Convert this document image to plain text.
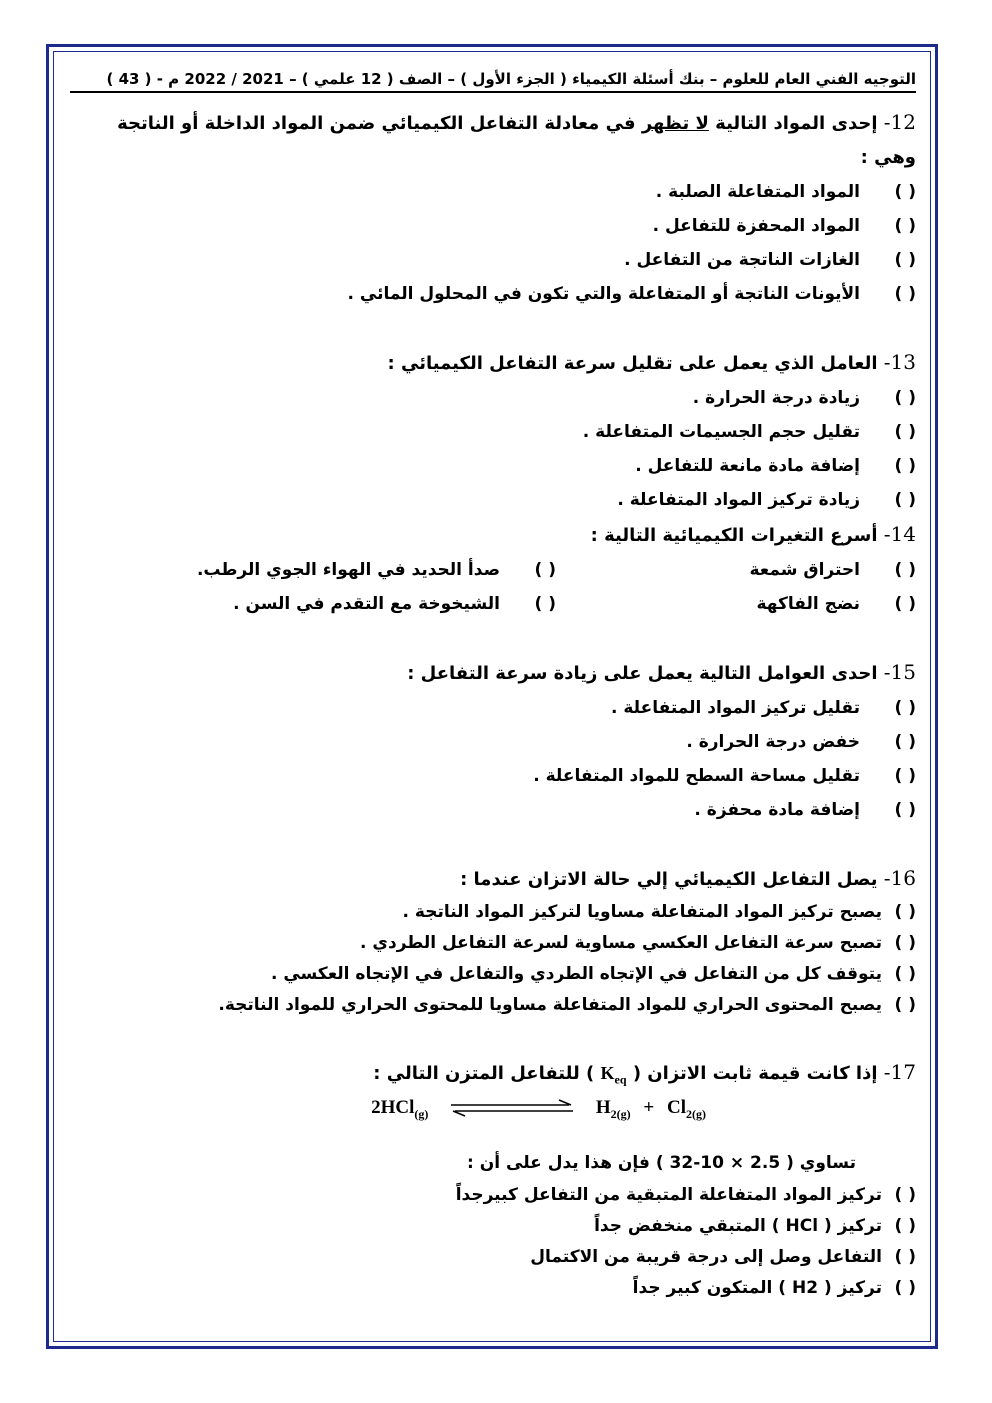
التوجيه الفني العام للعلوم – بنك أسئلة الكيمياء ( الجزء الأول ) – الصف ( 12 علمي ) – 2021 / 2022 م - ( 43 )
12- إحدى المواد التالية لا تظهر في معادلة التفاعل الكيميائي ضمن المواد الداخلة أو الناتجة وهي :
( )المواد المتفاعلة الصلبة .
( )المواد المحفزة للتفاعل .
( )الغازات الناتجة من التفاعل .
( )الأيونات الناتجة أو المتفاعلة والتي تكون في المحلول المائي .
13- العامل الذي يعمل على تقليل سرعة التفاعل الكيميائي :
( )زيادة درجة الحرارة .
( )تقليل حجم الجسيمات المتفاعلة .
( )إضافة مادة مانعة للتفاعل .
( )زيادة تركيز المواد المتفاعلة .
14- أسرع التغيرات الكيميائية التالية :
( )احتراق شمعة
( )صدأ الحديد في الهواء الجوي الرطب.
( )نضج الفاكهة
( )الشيخوخة مع التقدم في السن .
15- احدى العوامل التالية يعمل على زيادة سرعة التفاعل :
( )تقليل تركيز المواد المتفاعلة .
( )خفض درجة الحرارة .
( )تقليل مساحة السطح للمواد المتفاعلة .
( )إضافة مادة محفزة .
16- يصل التفاعل الكيميائي إلي حالة الاتزان عندما :
( )يصبح تركيز المواد المتفاعلة مساويا لتركيز المواد الناتجة .
( )تصبح سرعة التفاعل العكسي مساوية لسرعة التفاعل الطردي .
( )يتوقف كل من التفاعل في الإتجاه الطردي والتفاعل في الإتجاه العكسي .
( )يصبح المحتوى الحراري للمواد المتفاعلة مساويا للمحتوى الحراري للمواد الناتجة.
17- إذا كانت قيمة ثابت الاتزان ( $K_{eq}$ ) للتفاعل المتزن التالي :
2HCl$_{(g)}$	$H_{2(g)} + Cl_{2(g)}$
تساوي ( 2.5 × 10-32 ) فإن هذا يدل على أن :
( )تركيز المواد المتفاعلة المتبقية من التفاعل كبيرجداً
( )تركيز ( HCl ) المتبقي منخفض جداً
( )التفاعل وصل إلى درجة قريبة من الاكتمال
( )تركيز ( H2 ) المتكون كبير جداً
